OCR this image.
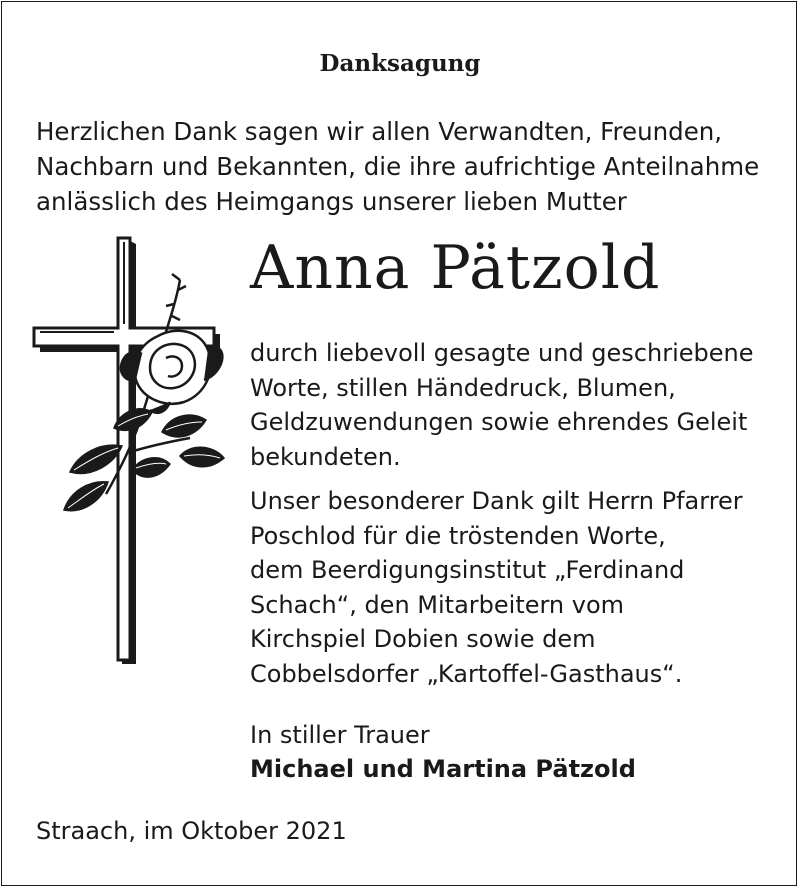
Danksagung
Herzlichen Dank sagen wir allen Verwandten, Freunden,
Nachbarn und Bekannten, die ihre aufrichtige Anteilnahme
anlässlich des Heimgangs unserer lieben Mutter
Anna Pätzold
durch liebevoll gesagte und geschriebene
Worte, stillen Händedruck, Blumen,
Geldzuwendungen sowie ehrendes Geleit
bekundeten.
Unser besonderer Dank gilt Herrn Pfarrer
Poschlod für die tröstenden Worte,
dem Beerdigungsinstitut „Ferdinand
Schach“, den Mitarbeitern vom
Kirchspiel Dobien sowie dem
Cobbelsdorfer „Kartoffel-Gasthaus“.
In stiller Trauer
Michael und Martina Pätzold
Straach, im Oktober 2021
